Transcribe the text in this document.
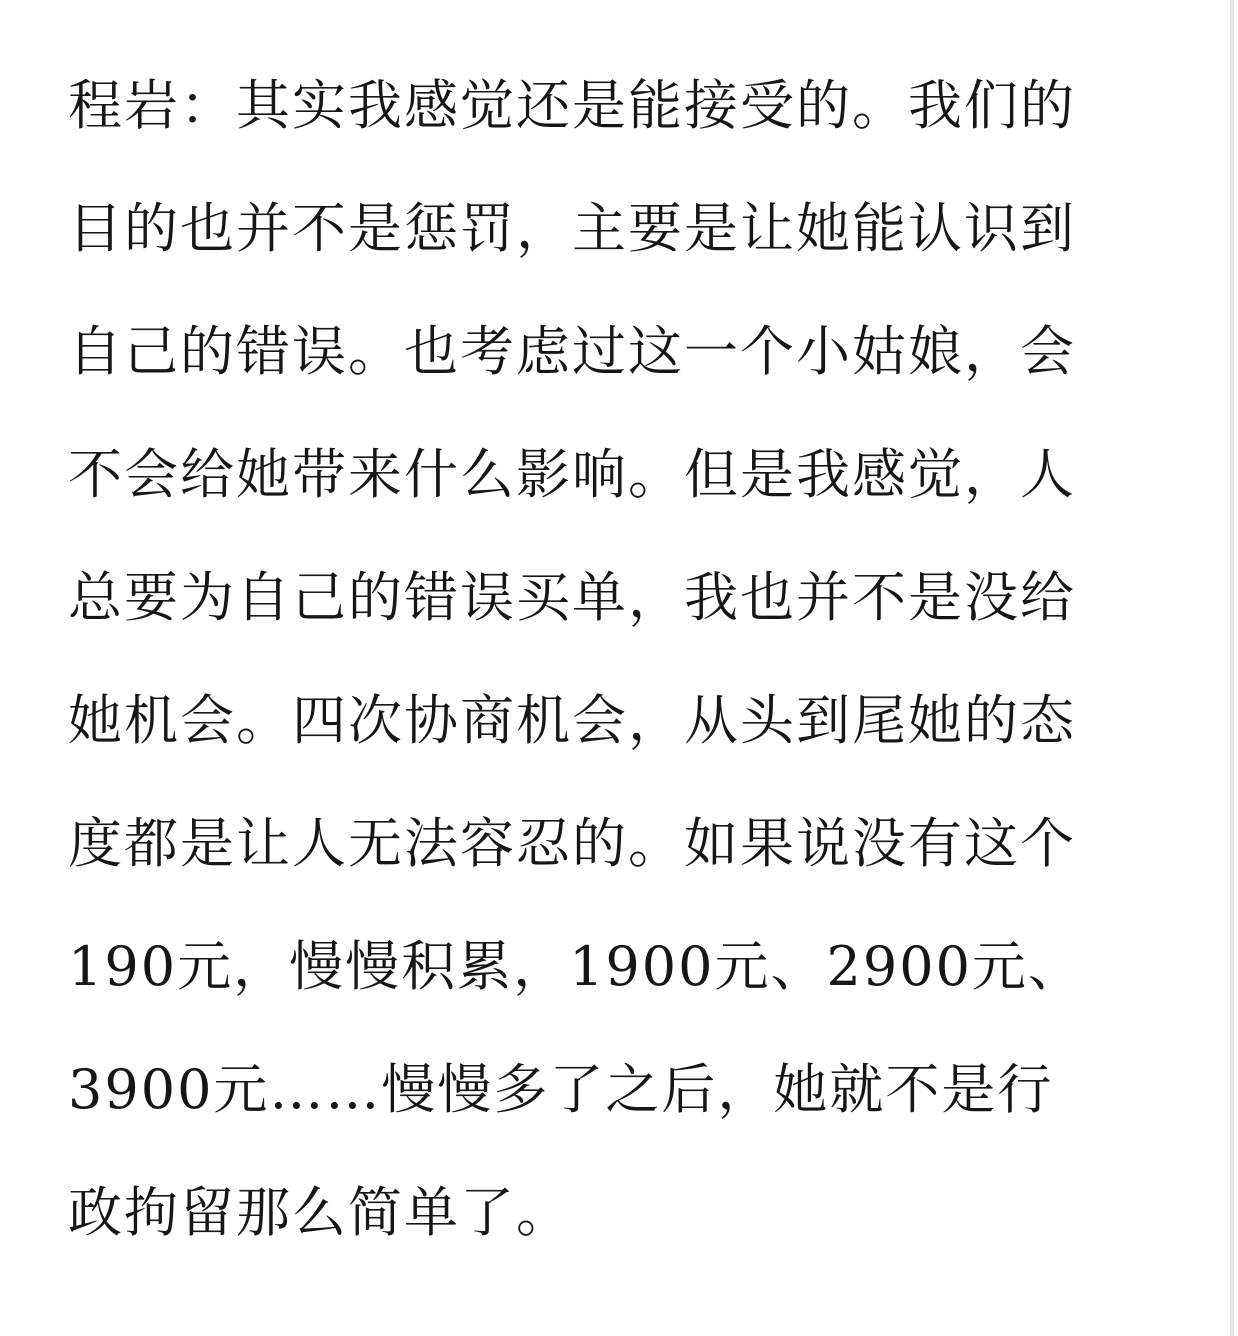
程岩：其实我感觉还是能接受的。我们的
目的也并不是惩罚，主要是让她能认识到
自己的错误。也考虑过这一个小姑娘，会
不会给她带来什么影响。但是我感觉，人
总要为自己的错误买单，我也并不是没给
她机会。四次协商机会，从头到尾她的态
度都是让人无法容忍的。如果说没有这个
190元，慢慢积累，1900元、2900元、
3900元……慢慢多了之后，她就不是行
政拘留那么简单了。
